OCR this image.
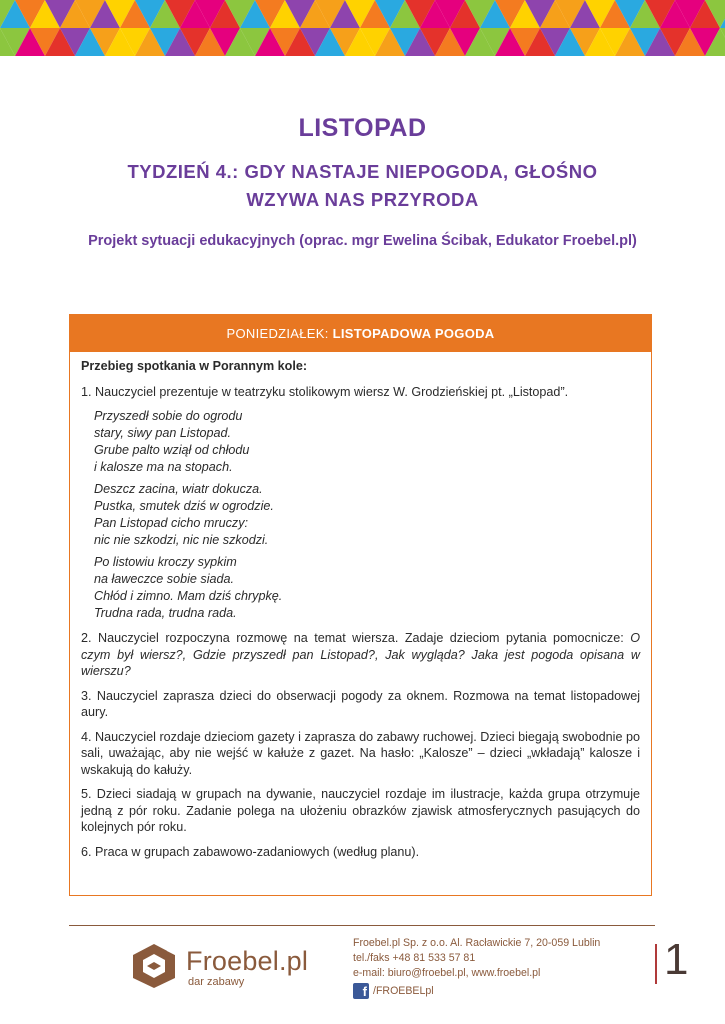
LISTOPAD
TYDZIEŃ 4.: GDY NASTAJE NIEPOGODA, GŁOŚNO
WZYWA NAS PRZYRODA
Projekt sytuacji edukacyjnych (oprac. mgr Ewelina Ścibak, Edukator Froebel.pl)
PONIEDZIAŁEK: LISTOPADOWA POGODA

Przebieg spotkania w Porannym kole:

1. Nauczyciel prezentuje w teatrzyku stolikowym wiersz W. Grodzieńskiej pt. „Listopad”.

Przyszedł sobie do ogrodu
stary, siwy pan Listopad.
Grube palto wziął od chłodu
i kalosze ma na stopach.
Deszcz zacina, wiatr dokucza.
Pustka, smutek dziś w ogrodzie.
Pan Listopad cicho mruczy:
nic nie szkodzi, nic nie szkodzi.
Po listowiu kroczy sypkim
na ławeczce sobie siada.
Chłód i zimno. Mam dziś chrypkę.
Trudna rada, trudna rada.

2. Nauczyciel rozpoczyna rozmowę na temat wiersza. Zadaje dzieciom pytania pomocnicze: O czym był wiersz?, Gdzie przyszedł pan Listopad?, Jak wygląda? Jaka jest pogoda opisana w wierszu?

3. Nauczyciel zaprasza dzieci do obserwacji pogody za oknem. Rozmowa na temat listopadowej aury.

4. Nauczyciel rozdaje dzieciom gazety i zaprasza do zabawy ruchowej. Dzieci biegają swobodnie po sali, uważając, aby nie wejść w kałuże z gazet. Na hasło: „Kalosze” – dzieci „wkładają” kalosze i wskakują do kałuży.

5. Dzieci siadają w grupach na dywanie, nauczyciel rozdaje im ilustracje, każda grupa otrzymuje jedną z pór roku. Zadanie polega na ułożeniu obrazków zjawisk atmosferycznych pasujących do kolejnych pór roku.

6. Praca w grupach zabawowo-zadaniowych (według planu).

Froebel.pl
dar zabawy
Froebel.pl Sp. z o.o. Al. Racławickie 7, 20-059 Lublin
tel./faks +48 81 533 57 81
e-mail: biuro@froebel.pl, www.froebel.pl
f /FROEBELpl
1
